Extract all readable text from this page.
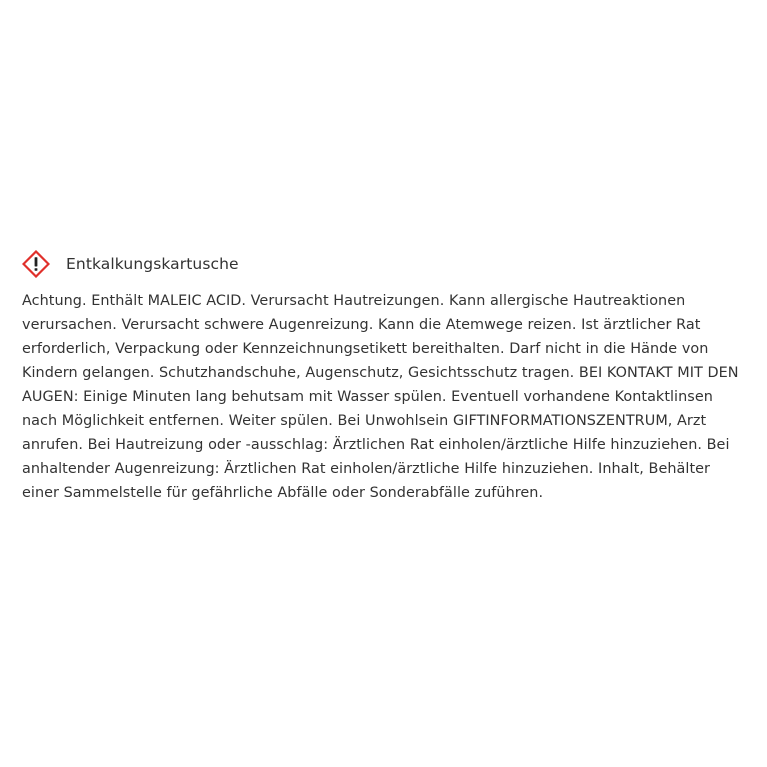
Entkalkungskartusche

Achtung. Enthält MALEIC ACID. Verursacht Hautreizungen. Kann allergische Hautreaktionen verursachen. Verursacht schwere Augenreizung. Kann die Atemwege reizen. Ist ärztlicher Rat erforderlich, Verpackung oder Kennzeichnungsetikett bereithalten. Darf nicht in die Hände von Kindern gelangen. Schutzhandschuhe, Augenschutz, Gesichtsschutz tragen. BEI KONTAKT MIT DEN AUGEN: Einige Minuten lang behutsam mit Wasser spülen. Eventuell vorhandene Kontaktlinsen nach Möglichkeit entfernen. Weiter spülen. Bei Unwohlsein GIFTINFORMATIONSZENTRUM, Arzt anrufen. Bei Hautreizung oder -ausschlag: Ärztlichen Rat einholen/ärztliche Hilfe hinzuziehen. Bei anhaltender Augenreizung: Ärztlichen Rat einholen/ärztliche Hilfe hinzuziehen. Inhalt, Behälter einer Sammelstelle für gefährliche Abfälle oder Sonderabfälle zuführen.
